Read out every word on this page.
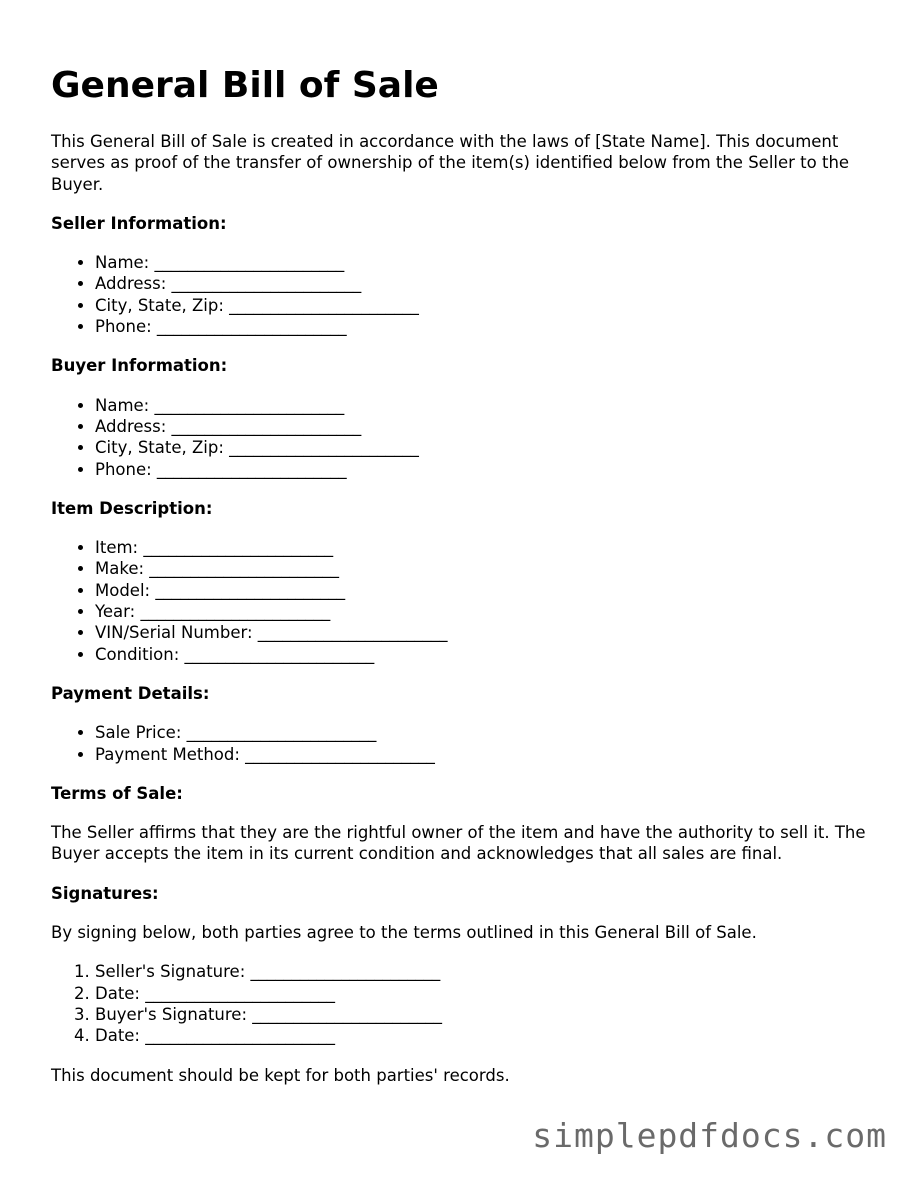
General Bill of Sale

This General Bill of Sale is created in accordance with the laws of [State Name]. This document serves as proof of the transfer of ownership of the item(s) identified below from the Seller to the Buyer.

Seller Information:
• Name: _______________________
• Address: _______________________
• City, State, Zip: _______________________
• Phone: _______________________
Buyer Information:
• Name: _______________________
• Address: _______________________
• City, State, Zip: _______________________
• Phone: _______________________
Item Description:
• Item: _______________________
• Make: _______________________
• Model: _______________________
• Year: _______________________
• VIN/Serial Number: _______________________
• Condition: _______________________
Payment Details:
• Sale Price: _______________________
• Payment Method: _______________________
Terms of Sale:

The Seller affirms that they are the rightful owner of the item and have the authority to sell it. The Buyer accepts the item in its current condition and acknowledges that all sales are final.

Signatures:

By signing below, both parties agree to the terms outlined in this General Bill of Sale.

1. Seller's Signature: _______________________
2. Date: _______________________
3. Buyer's Signature: _______________________
4. Date: _______________________

This document should be kept for both parties' records.

simplepdfdocs.com
